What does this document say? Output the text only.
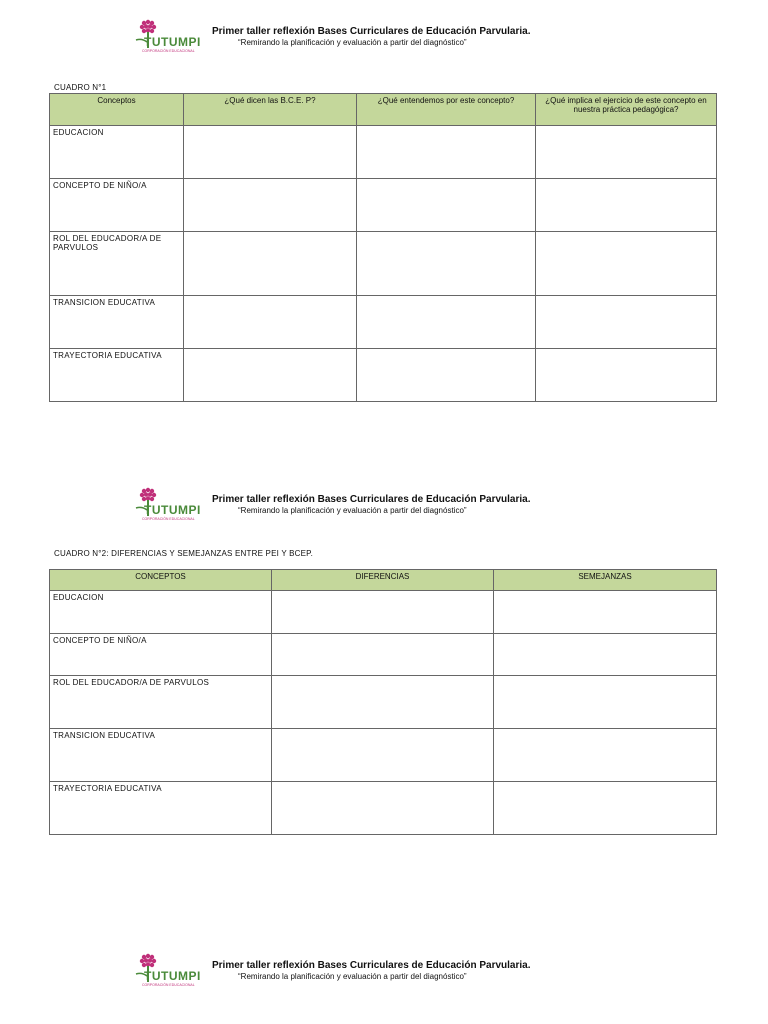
TUTUMPI
CORPORACIÓN EDUCACIONAL
Primer taller reflexión Bases Curriculares de Educación Parvularia.
“Remirando la planificación y evaluación a partir del diagnóstico”
CUADRO N°1
Conceptos	¿Qué dicen las B.C.E. P?	¿Qué entendemos por este concepto?	¿Qué implica el ejercicio de este concepto en nuestra práctica pedagógica?
EDUCACION			
CONCEPTO DE NIÑO/A			
ROL DEL EDUCADOR/A DE PARVULOS			
TRANSICION EDUCATIVA			
TRAYECTORIA EDUCATIVA			
TUTUMPI
CORPORACIÓN EDUCACIONAL
Primer taller reflexión Bases Curriculares de Educación Parvularia.
“Remirando la planificación y evaluación a partir del diagnóstico”
CUADRO N°2: DIFERENCIAS Y SEMEJANZAS ENTRE PEI Y BCEP.
CONCEPTOS	DIFERENCIAS	SEMEJANZAS
EDUCACION		
CONCEPTO DE NIÑO/A		
ROL DEL EDUCADOR/A DE PARVULOS		
TRANSICION EDUCATIVA		
TRAYECTORIA EDUCATIVA		
TUTUMPI
CORPORACIÓN EDUCACIONAL
Primer taller reflexión Bases Curriculares de Educación Parvularia.
“Remirando la planificación y evaluación a partir del diagnóstico”
